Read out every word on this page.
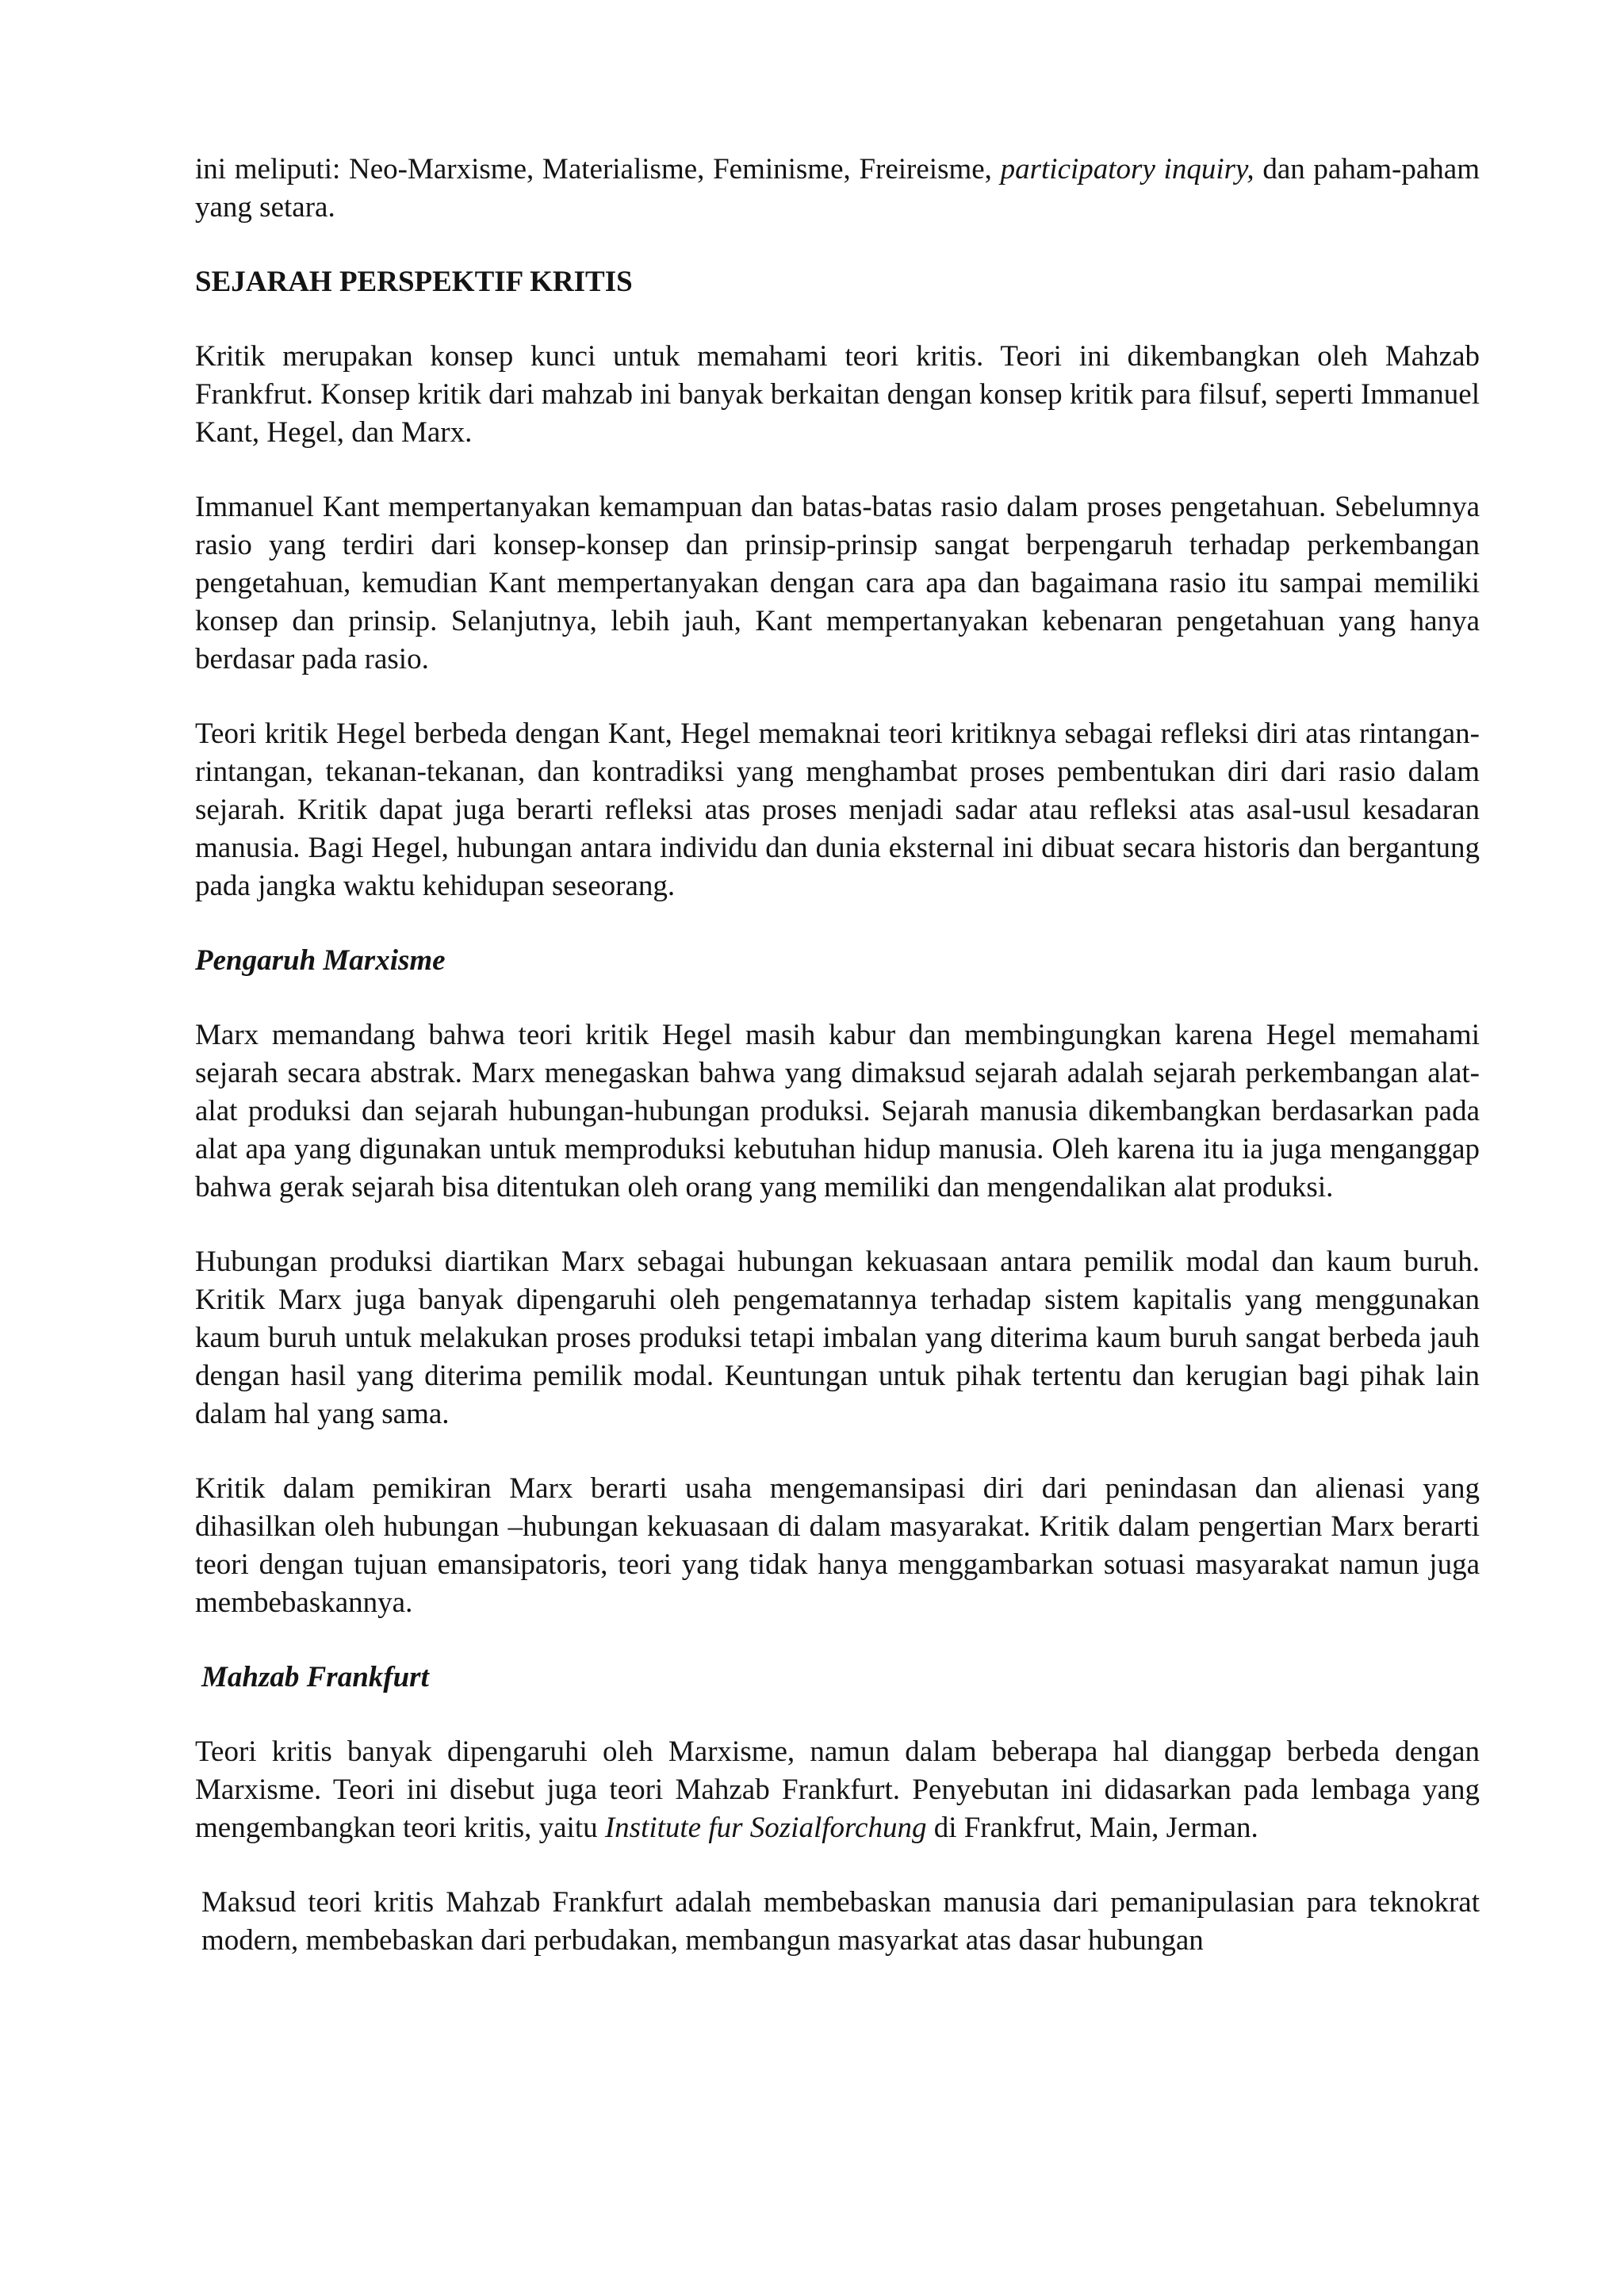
ini meliputi: Neo-Marxisme, Materialisme, Feminisme, Freireisme, participatory inquiry, dan paham-paham yang setara.

SEJARAH PERSPEKTIF KRITIS

Kritik merupakan konsep kunci untuk memahami teori kritis. Teori ini dikembangkan oleh Mahzab Frankfrut. Konsep kritik dari mahzab ini banyak berkaitan dengan konsep kritik para filsuf, seperti Immanuel Kant, Hegel, dan Marx.

Immanuel Kant mempertanyakan kemampuan dan batas-batas rasio dalam proses pengetahuan. Sebelumnya rasio yang terdiri dari konsep-konsep dan prinsip-prinsip sangat berpengaruh terhadap perkembangan pengetahuan, kemudian Kant mempertanyakan dengan cara apa dan bagaimana rasio itu sampai memiliki konsep dan prinsip. Selanjutnya, lebih jauh, Kant mempertanyakan kebenaran pengetahuan yang hanya berdasar pada rasio.

Teori kritik Hegel berbeda dengan Kant, Hegel memaknai teori kritiknya sebagai refleksi diri atas rintangan-rintangan, tekanan-tekanan, dan kontradiksi yang menghambat proses pembentukan diri dari rasio dalam sejarah. Kritik dapat juga berarti refleksi atas proses menjadi sadar atau refleksi atas asal-usul kesadaran manusia. Bagi Hegel, hubungan antara individu dan dunia eksternal ini dibuat secara historis dan bergantung pada jangka waktu kehidupan seseorang.

Pengaruh Marxisme

Marx memandang bahwa teori kritik Hegel masih kabur dan membingungkan karena Hegel memahami sejarah secara abstrak. Marx menegaskan bahwa yang dimaksud sejarah adalah sejarah perkembangan alat-alat produksi dan sejarah hubungan-hubungan produksi. Sejarah manusia dikembangkan berdasarkan pada alat apa yang digunakan untuk memproduksi kebutuhan hidup manusia. Oleh karena itu ia juga menganggap bahwa gerak sejarah bisa ditentukan oleh orang yang memiliki dan mengendalikan alat produksi.

Hubungan produksi diartikan Marx sebagai hubungan kekuasaan antara pemilik modal dan kaum buruh. Kritik Marx juga banyak dipengaruhi oleh pengematannya terhadap sistem kapitalis yang menggunakan kaum buruh untuk melakukan proses produksi tetapi imbalan yang diterima kaum buruh sangat berbeda jauh dengan hasil yang diterima pemilik modal. Keuntungan untuk pihak tertentu dan kerugian bagi pihak lain dalam hal yang sama.

Kritik dalam pemikiran Marx berarti usaha mengemansipasi diri dari penindasan dan alienasi yang dihasilkan oleh hubungan –hubungan kekuasaan di dalam masyarakat. Kritik dalam pengertian Marx berarti teori dengan tujuan emansipatoris, teori yang tidak hanya menggambarkan sotuasi masyarakat namun juga membebaskannya.

Mahzab Frankfurt

Teori kritis banyak dipengaruhi oleh Marxisme, namun dalam beberapa hal dianggap berbeda dengan Marxisme. Teori ini disebut juga teori Mahzab Frankfurt. Penyebutan ini didasarkan pada lembaga yang mengembangkan teori kritis, yaitu Institute fur Sozialforchung di Frankfrut, Main, Jerman.

Maksud teori kritis Mahzab Frankfurt adalah membebaskan manusia dari pemanipulasian para teknokrat modern, membebaskan dari perbudakan, membangun masyarkat atas dasar hubungan
